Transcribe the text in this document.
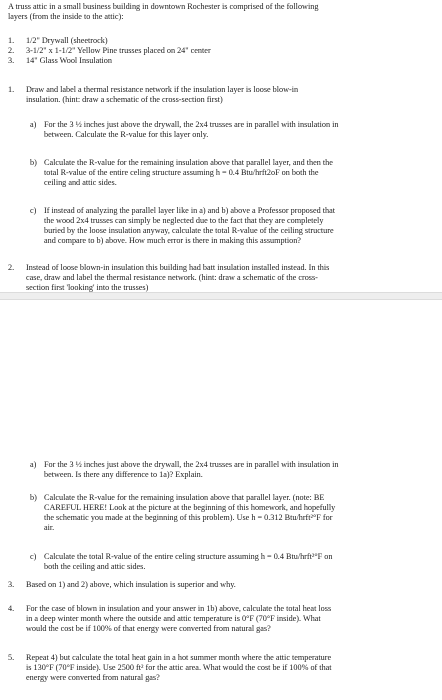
A truss attic in a small business building in downtown Rochester is comprised of the following
layers (from the inside to the attic):
1. 1/2" Drywall (sheetrock)
2. 3-1/2" x 1-1/2" Yellow Pine trusses placed on 24" center
3. 14" Glass Wool Insulation
1. Draw and label a thermal resistance network if the insulation layer is loose blow-in
insulation. (hint: draw a schematic of the cross-section first)
a) For the 3 ½ inches just above the drywall, the 2x4 trusses are in parallel with insulation in
between. Calculate the R-value for this layer only.
b) Calculate the R-value for the remaining insulation above that parallel layer, and then the
total R-value of the entire celing structure assuming h = 0.4 Btu/hrft2oF on both the
ceiling and attic sides.
c) If instead of analyzing the parallel layer like in a) and b) above a Professor proposed that
the wood 2x4 trusses can simply be neglected due to the fact that they are completely
buried by the loose insulation anyway, calculate the total R-value of the ceiling structure
and compare to b) above. How much error is there in making this assumption?
2. Instead of loose blown-in insulation this building had batt insulation installed instead. In this
case, draw and label the thermal resistance network. (hint: draw a schematic of the cross-
section first 'looking' into the trusses)
a) For the 3 ½ inches just above the drywall, the 2x4 trusses are in parallel with insulation in
between. Is there any difference to 1a)? Explain.
b) Calculate the R-value for the remaining insulation above that parallel layer. (note: BE
CAREFUL HERE! Look at the picture at the beginning of this homework, and hopefully
the schematic you made at the beginning of this problem). Use h = 0.312 Btu/hrft²°F for
air.
c) Calculate the total R-value of the entire celing structure assuming h = 0.4 Btu/hrft²°F on
both the ceiling and attic sides.
3. Based on 1) and 2) above, which insulation is superior and why.
4. For the case of blown in insulation and your answer in 1b) above, calculate the total heat loss
in a deep winter month where the outside and attic temperature is 0°F (70°F inside). What
would the cost be if 100% of that energy were converted from natural gas?
5. Repeat 4) but calculate the total heat gain in a hot summer month where the attic temperature
is 130°F (70°F inside). Use 2500 ft² for the attic area. What would the cost be if 100% of that
energy were converted from natural gas?
